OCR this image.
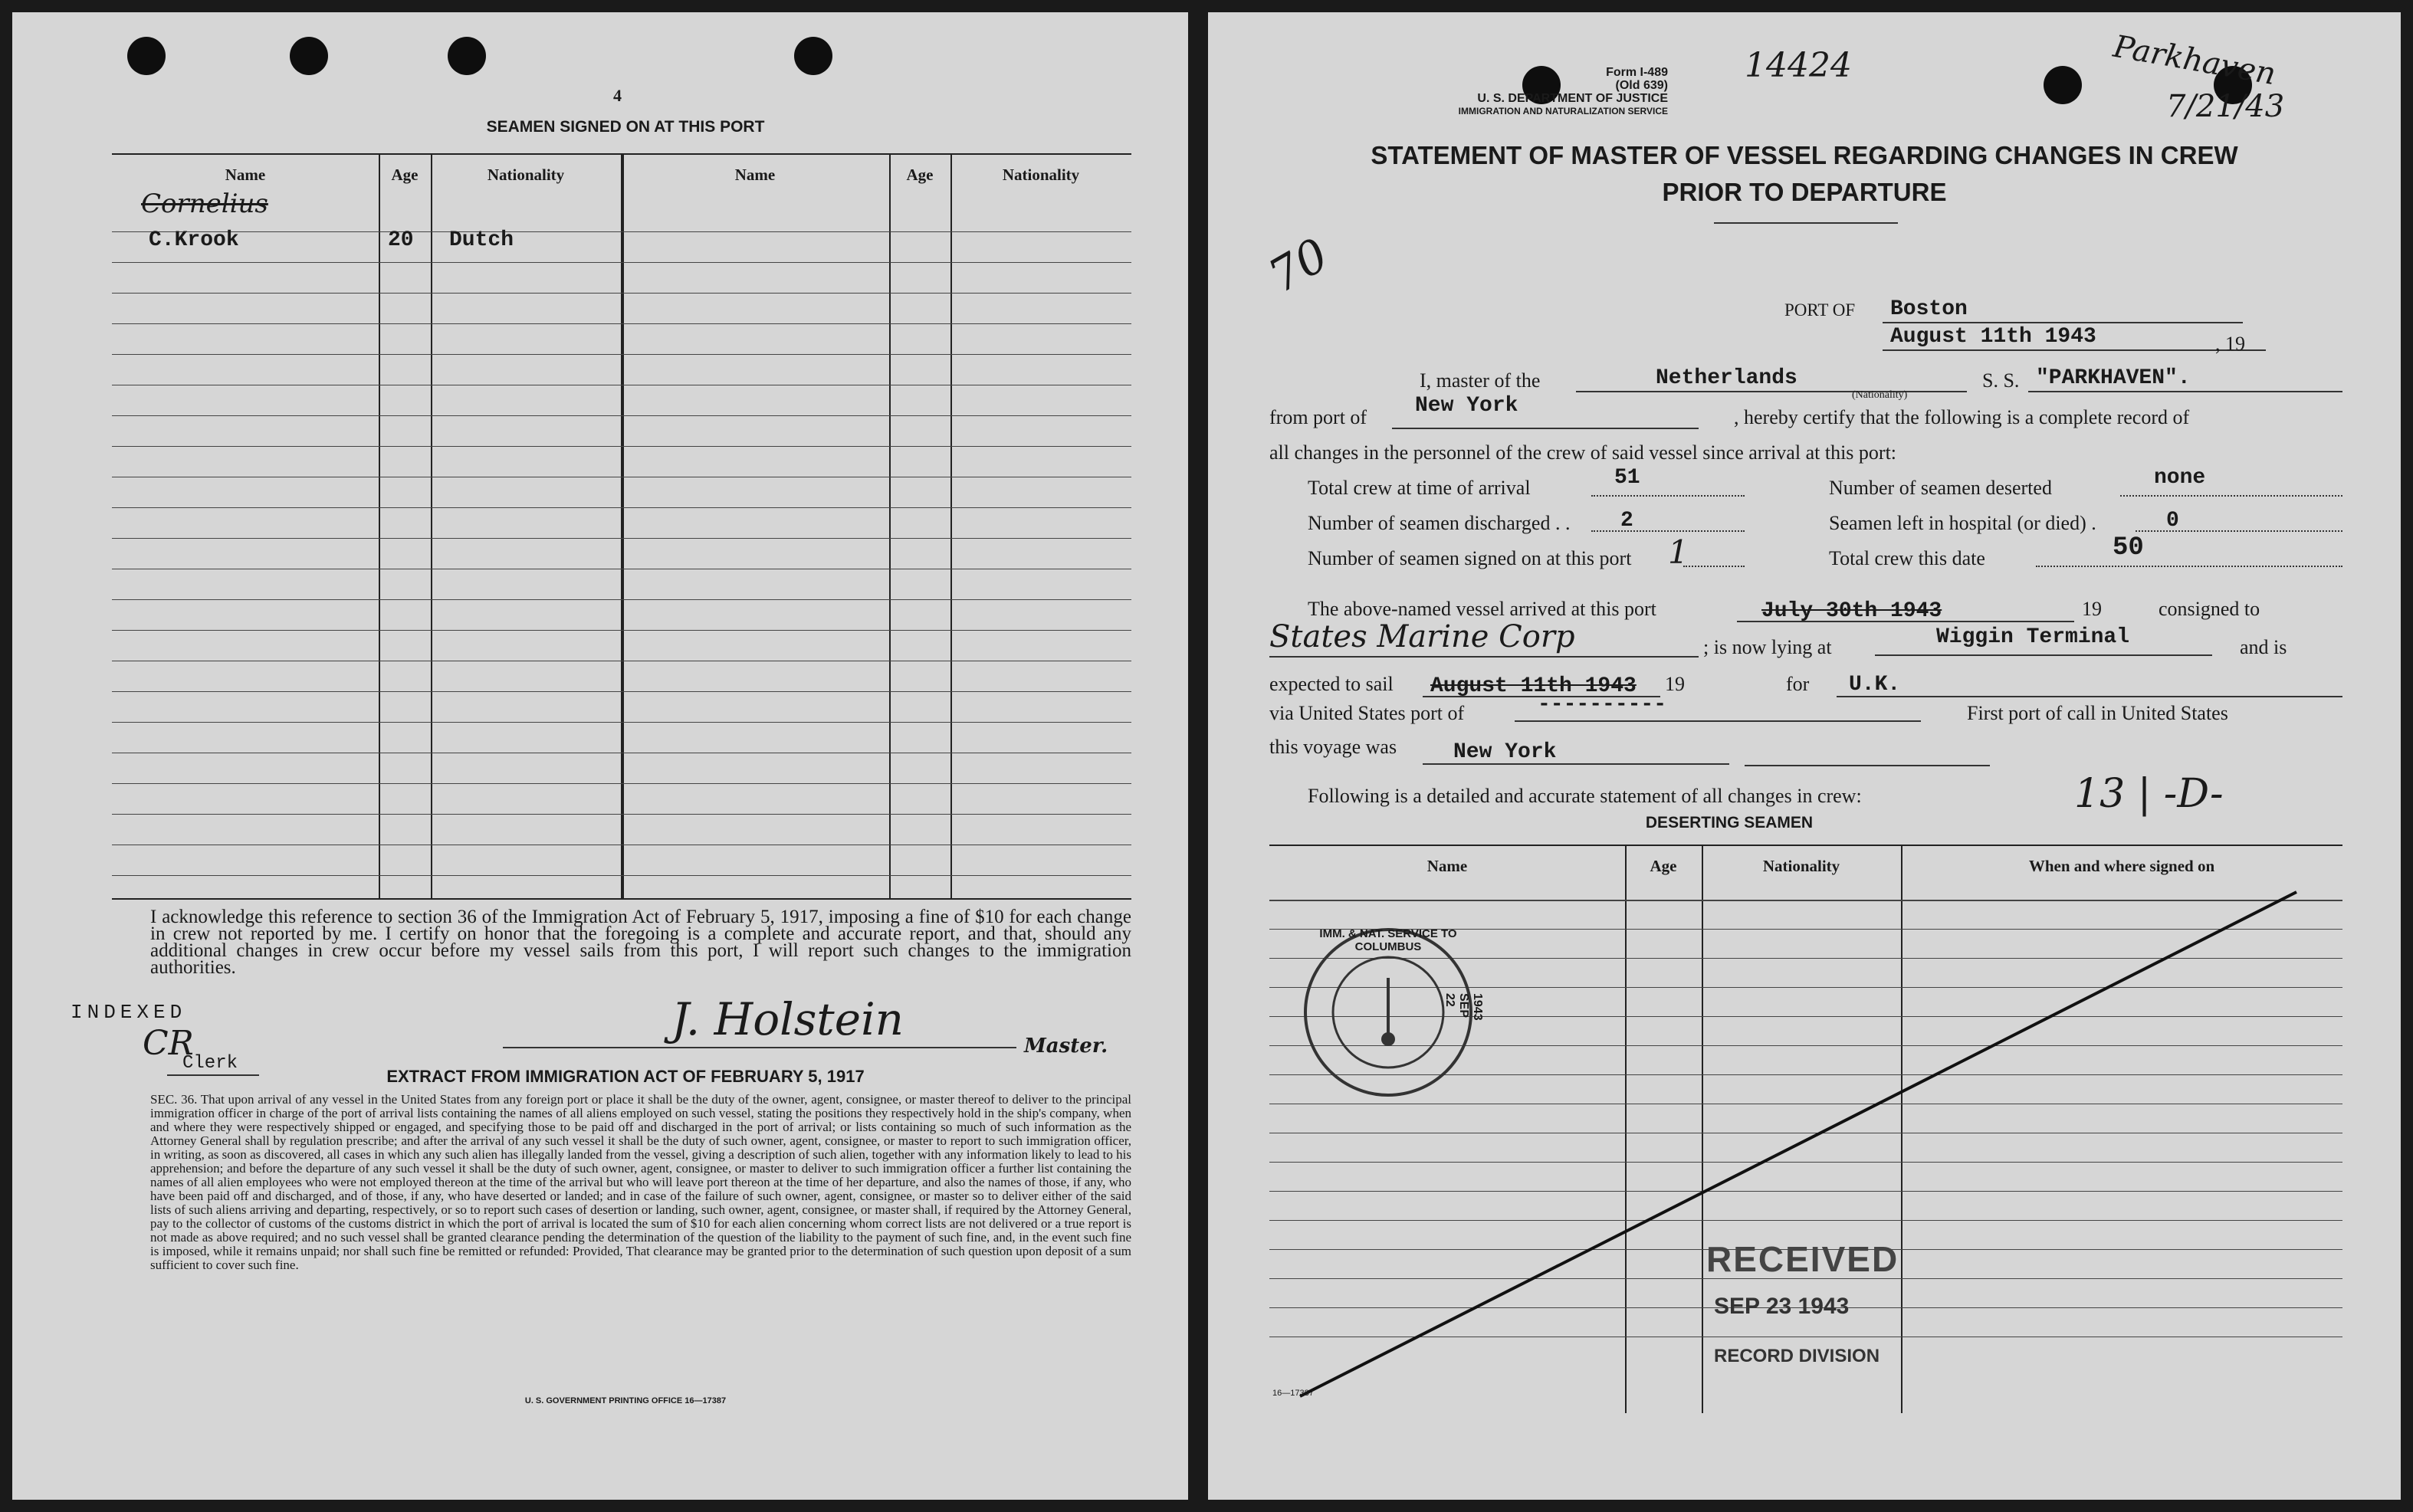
4
SEAMEN SIGNED ON AT THIS PORT
Name	Age	Nationality	Name	Age	Nationality
Cornelius
C.Krook	20 Dutch
I acknowledge this reference to section 36 of the Immigration Act of February 5, 1917, imposing a fine of $10 for each change in crew not reported by me. I certify on honor that the foregoing is a complete and accurate report, and that, should any additional changes in crew occur before my vessel sails from this port, I will report such changes to the immigration authorities.
INDEXED
CR
Clerk
J. Holstein
Master.
EXTRACT FROM IMMIGRATION ACT OF FEBRUARY 5, 1917
SEC. 36. That upon arrival of any vessel in the United States from any foreign port or place it shall be the duty of the owner, agent, consignee, or master thereof to deliver to the principal immigration officer in charge of the port of arrival lists containing the names of all aliens employed on such vessel, stating the positions they respectively hold in the ship's company, when and where they were respectively shipped or engaged, and specifying those to be paid off and discharged in the port of arrival; or lists containing so much of such information as the Attorney General shall by regulation prescribe; and after the arrival of any such vessel it shall be the duty of such owner, agent, consignee, or master to report to such immigration officer, in writing, as soon as discovered, all cases in which any such alien has illegally landed from the vessel, giving a description of such alien, together with any information likely to lead to his apprehension; and before the departure of any such vessel it shall be the duty of such owner, agent, consignee, or master to deliver to such immigration officer a further list containing the names of all alien employees who were not employed thereon at the time of the arrival but who will leave port thereon at the time of her departure, and also the names of those, if any, who have been paid off and discharged, and of those, if any, who have deserted or landed; and in case of the failure of such owner, agent, consignee, or master so to deliver either of the said lists of such aliens arriving and departing, respectively, or so to report such cases of desertion or landing, such owner, agent, consignee, or master shall, if required by the Attorney General, pay to the collector of customs of the customs district in which the port of arrival is located the sum of $10 for each alien concerning whom correct lists are not delivered or a true report is not made as above required; and no such vessel shall be granted clearance pending the determination of the question of the liability to the payment of such fine, and, in the event such fine is imposed, while it remains unpaid; nor shall such fine be remitted or refunded: Provided, That clearance may be granted prior to the determination of such question upon deposit of a sum sufficient to cover such fine.
U. S. GOVERNMENT PRINTING OFFICE 16—17387
Form I-489
(Old 639)
U. S. DEPARTMENT OF JUSTICE
IMMIGRATION AND NATURALIZATION SERVICE
14424	Parkhaven
7/21/43
STATEMENT OF MASTER OF VESSEL REGARDING CHANGES IN CREW
PRIOR TO DEPARTURE
70
PORT OF Boston
August 11th 1943	, 19
I, master of the	Netherlands
(Nationality)
S. S. "PARKHAVEN".
from port of New York	, hereby certify that the following is a complete record of
all changes in the personnel of the crew of said vessel since arrival at this port:
Total crew at time of arrival	51	Number of seamen deserted	none
Number of seamen discharged . . 2	Seamen left in hospital (or died) .	0
Number of seamen signed on at this port 1	Total crew this date	50
The above-named vessel arrived at this port	July 30th 1943	19	consigned to
States Marine Corp	; is now lying at	Wiggin Terminal	and is
expected to sail August 11th 1943 19	for U.K.
via United States port of	----------	First port of call in United States
this voyage was	New York
Following is a detailed and accurate statement of all changes in crew:	13 | -D-
DESERTING SEAMEN
Name	Age	Nationality	When and where signed on
IMM. & NAT. SERVICE TO COLUMBUS
1943 SEP 22
RECEIVED
SEP 23 1943
RECORD DIVISION
16—17387
